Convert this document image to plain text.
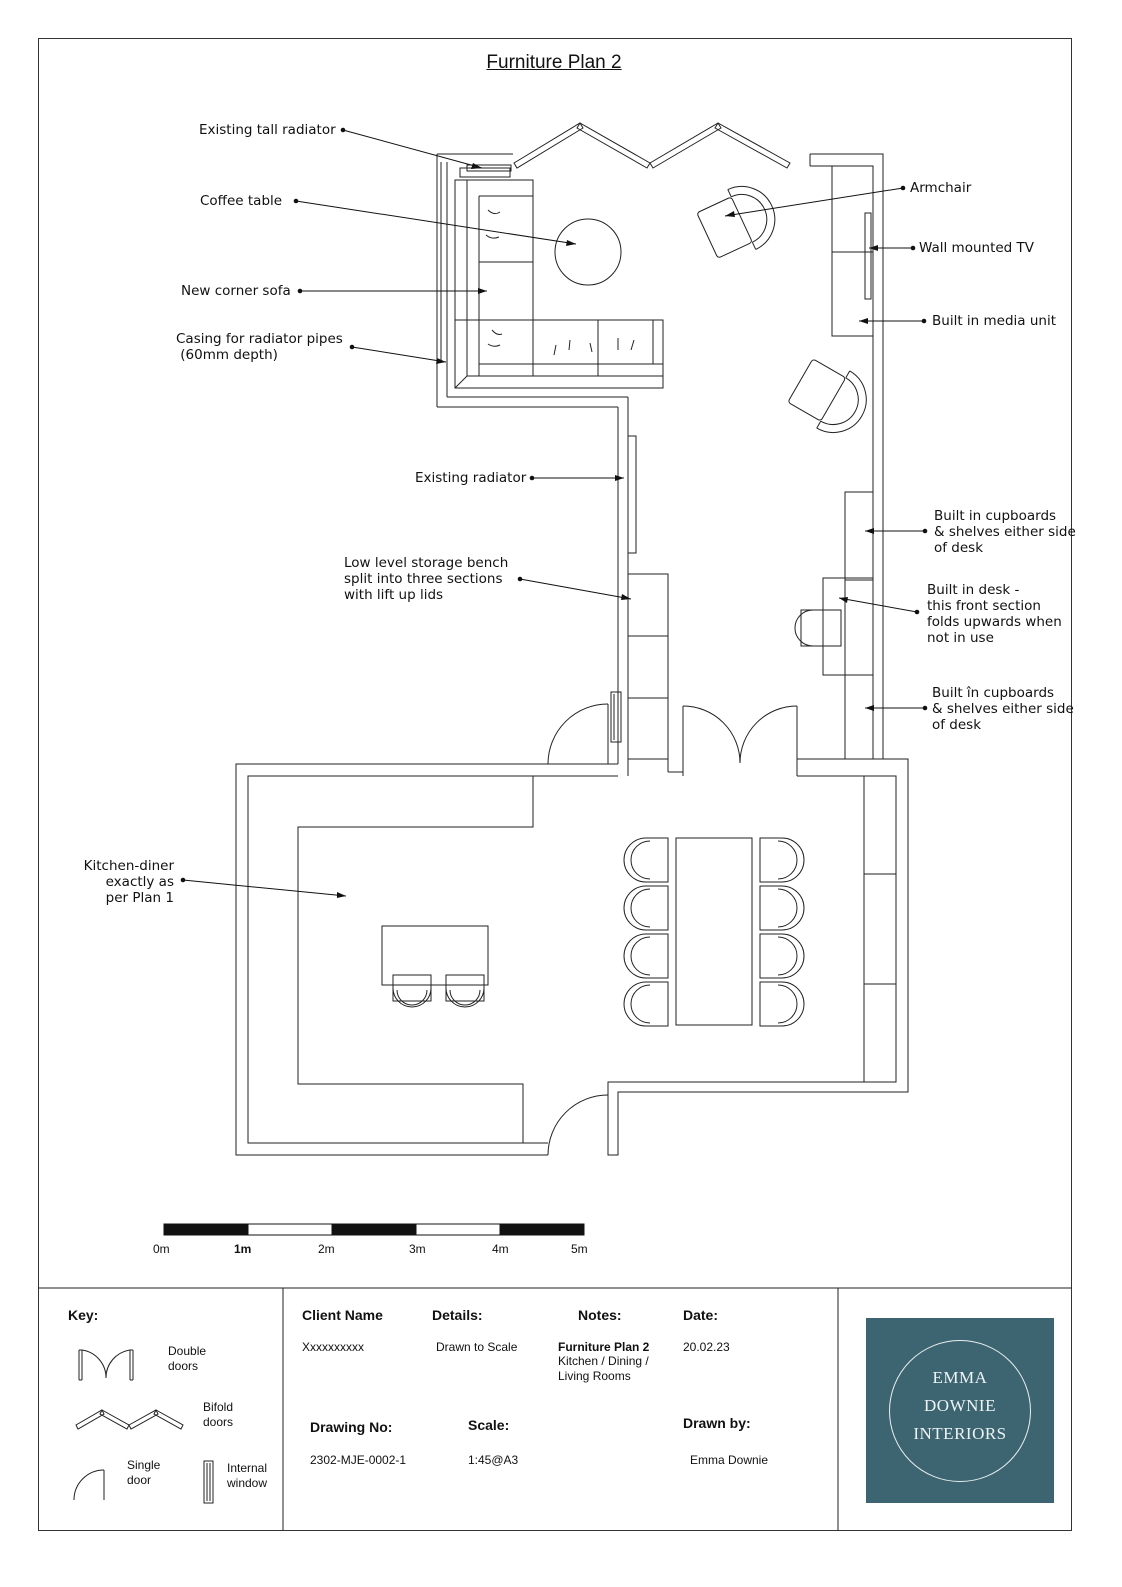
Furniture Plan 2
Existing tall radiator
Coffee table
New corner sofa
Casing for radiator pipes
(60mm depth)
Existing radiator
Low level storage bench
split into three sections
with lift up lids
Kitchen-diner
exactly as
per Plan 1
Armchair
Wall mounted TV
Built in media unit
Built in cupboards
& shelves either side
of desk
Built in desk -
this front section
folds upwards when
not in use
Built în cupboards
& shelves either side
of desk
0m	1m	2m	3m	4m	5m
Key:
Double
doors
Bifold
doors
Single
door
Internal
window
Client Name
Xxxxxxxxxx
Details:
Drawn to Scale
Notes:
Furniture Plan 2
Kitchen / Dining /
Living Rooms
Date:
20.02.23
Drawing No:
2302-MJE-0002-1
Scale:
1:45@A3
Drawn by:
Emma Downie
EMMA
DOWNIE
INTERIORS
